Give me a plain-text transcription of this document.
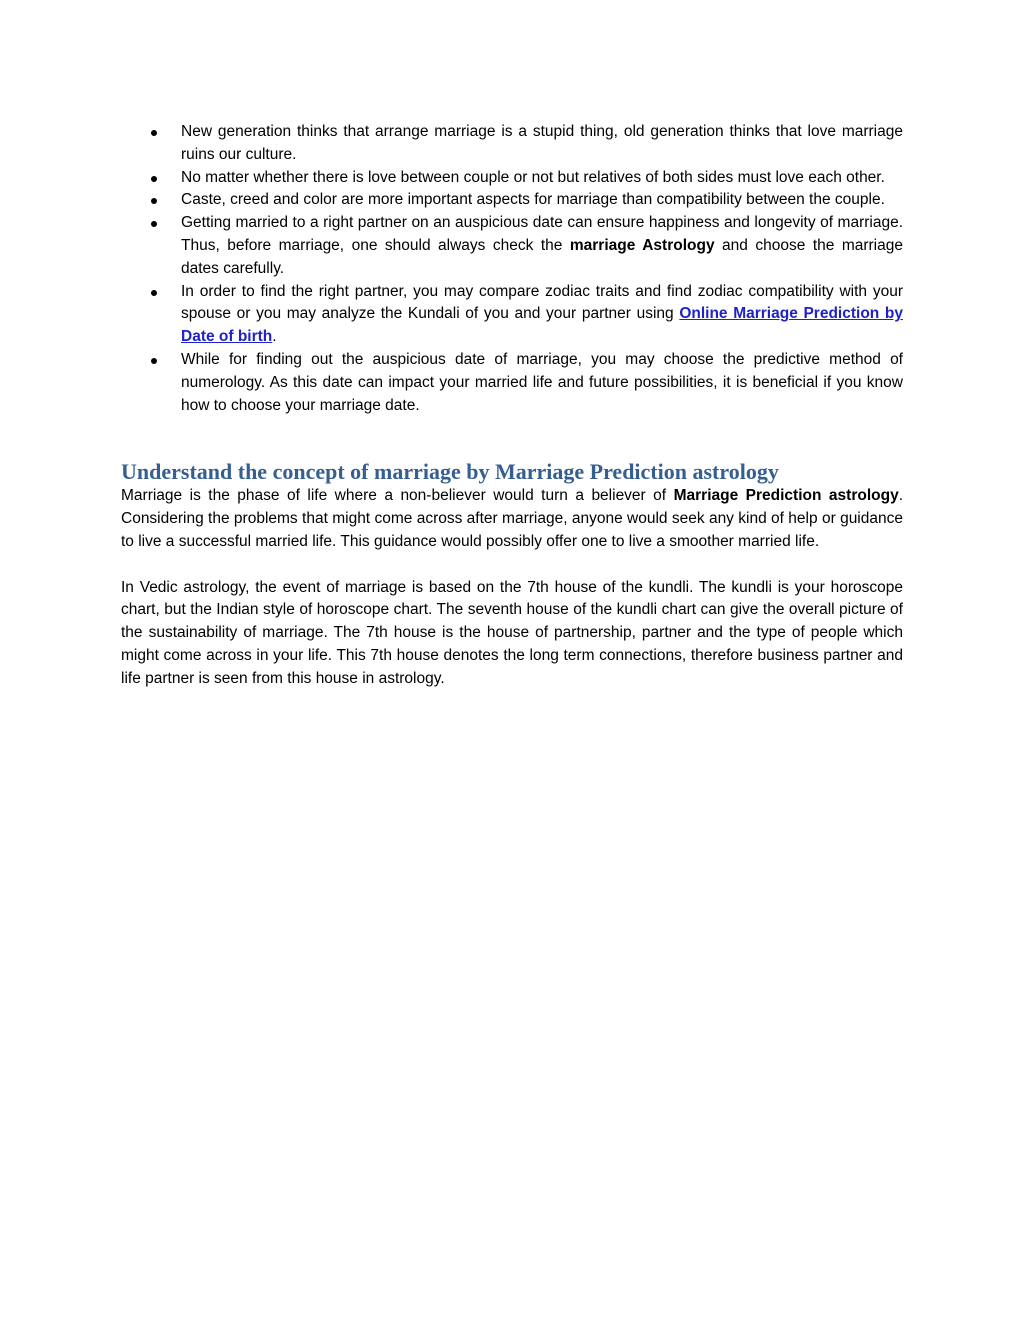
New generation thinks that arrange marriage is a stupid thing, old generation thinks that love marriage ruins our culture.
No matter whether there is love between couple or not but relatives of both sides must love each other.
Caste, creed and color are more important aspects for marriage than compatibility between the couple.
Getting married to a right partner on an auspicious date can ensure happiness and longevity of marriage. Thus, before marriage, one should always check the marriage Astrology and choose the marriage dates carefully.
In order to find the right partner, you may compare zodiac traits and find zodiac compatibility with your spouse or you may analyze the Kundali of you and your partner using Online Marriage Prediction by Date of birth.
While for finding out the auspicious date of marriage, you may choose the predictive method of numerology. As this date can impact your married life and future possibilities, it is beneficial if you know how to choose your marriage date.
Understand the concept of marriage by Marriage Prediction astrology

Marriage is the phase of life where a non-believer would turn a believer of Marriage Prediction astrology. Considering the problems that might come across after marriage, anyone would seek any kind of help or guidance to live a successful married life. This guidance would possibly offer one to live a smoother married life.

In Vedic astrology, the event of marriage is based on the 7th house of the kundli. The kundli is your horoscope chart, but the Indian style of horoscope chart. The seventh house of the kundli chart can give the overall picture of the sustainability of marriage. The 7th house is the house of partnership, partner and the type of people which might come across in your life. This 7th house denotes the long term connections, therefore business partner and life partner is seen from this house in astrology.
